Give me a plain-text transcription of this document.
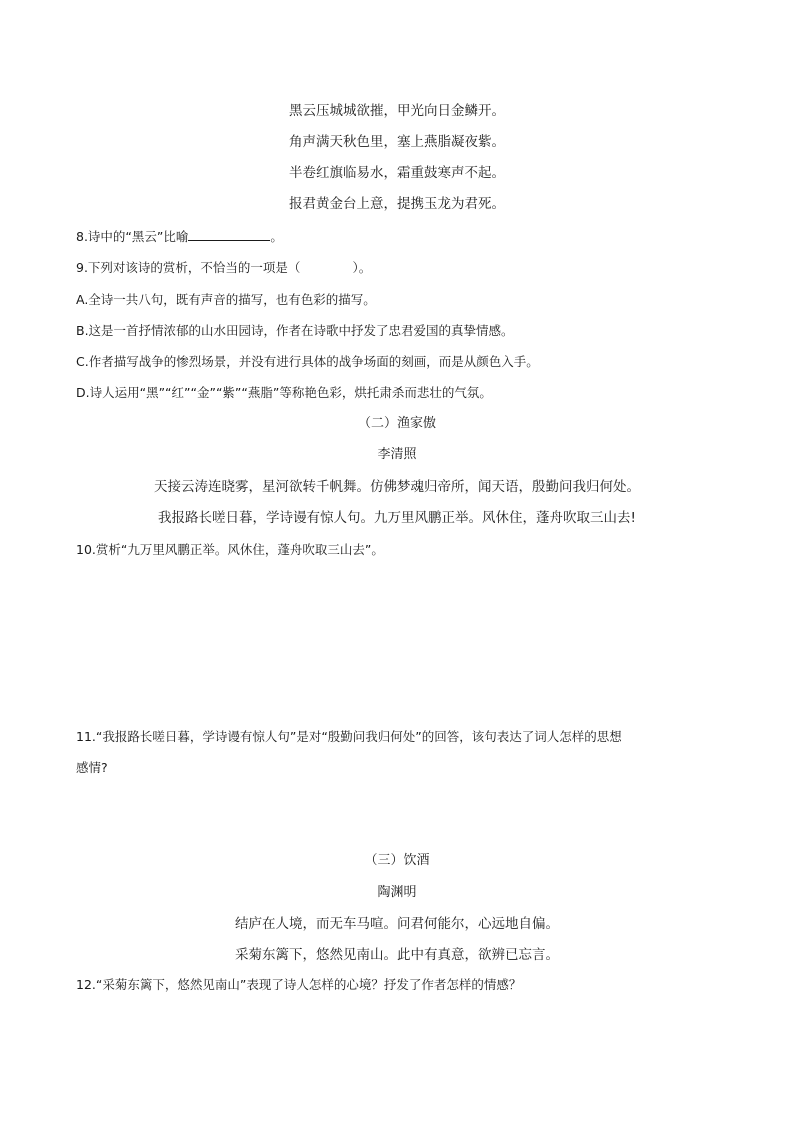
黑云压城城欲摧，甲光向日金鳞开。
角声满天秋色里，塞上燕脂凝夜紫。
半卷红旗临易水，霜重鼓寒声不起。
报君黄金台上意，提携玉龙为君死。
8.诗中的“黑云”比喻	。
9.下列对该诗的赏析，不恰当的一项是（	）。
A.全诗一共八句，既有声音的描写，也有色彩的描写。
B.这是一首抒情浓郁的山水田园诗，作者在诗歌中抒发了忠君爱国的真挚情感。
C.作者描写战争的惨烈场景，并没有进行具体的战争场面的刻画，而是从颜色入手。
D.诗人运用“黑”“红”“金”“紫”“燕脂”等称艳色彩，烘托肃杀而悲壮的气氛。
（二）渔家傲
李清照
天接云涛连晓雾，星河欲转千帆舞。仿佛梦魂归帝所，闻天语，殷勤问我归何处。
我报路长嗟日暮，学诗谩有惊人句。九万里风鹏正举。风休住，蓬舟吹取三山去!
10.赏析“九万里风鹏正举。风休住，蓬舟吹取三山去”。
11.“我报路长嗟日暮，学诗谩有惊人句”是对“殷勤问我归何处”的回答，该句表达了词人怎样的思想
感情?
（三）饮酒
陶渊明
结庐在人境，而无车马喧。问君何能尔，心远地自偏。
采菊东篱下，悠然见南山。此中有真意，欲辨已忘言。
12.“采菊东篱下，悠然见南山”表现了诗人怎样的心境？抒发了作者怎样的情感？
